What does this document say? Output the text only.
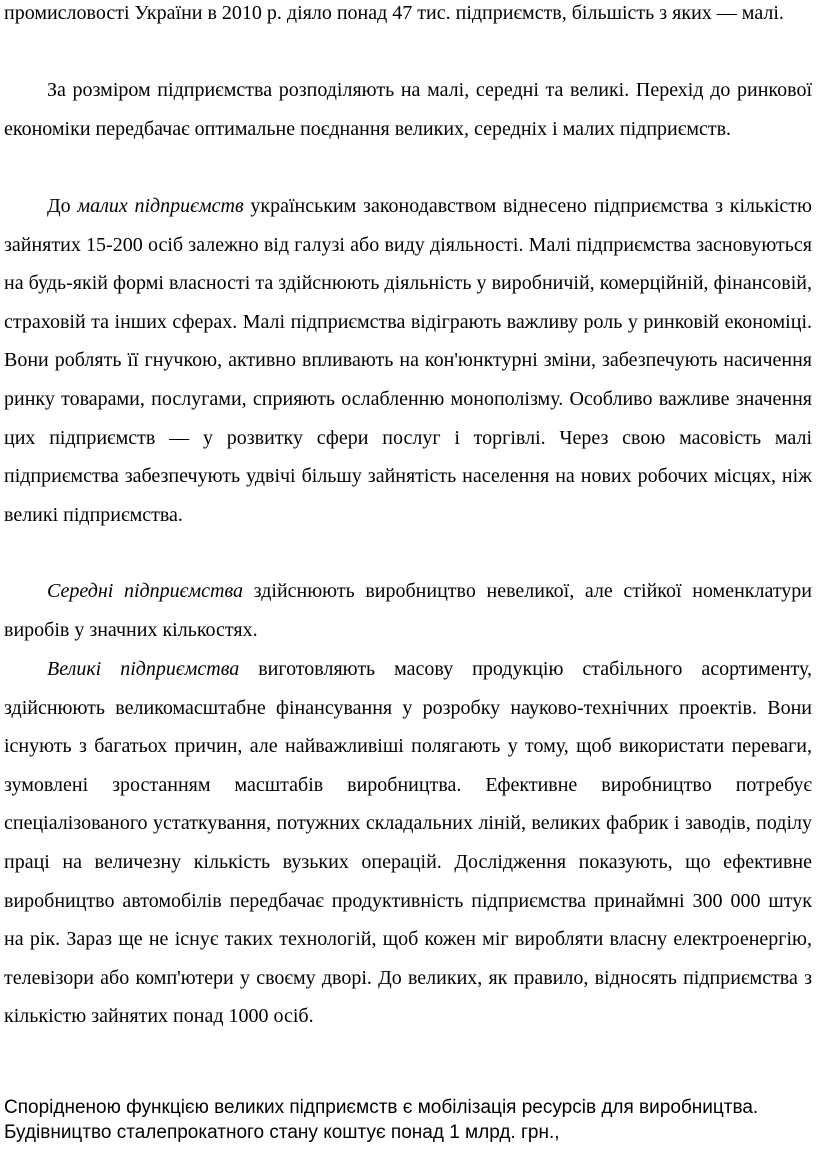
промисловості України в 2010 р. діяло понад 47 тис. підприємств, більшість з яких — малі.

За розміром підприємства розподіляють на малі, середні та великі. Перехід до ринкової економіки передбачає оптимальне поєднання великих, середніх і малих підприємств.

До малих підприємств українським законодавством віднесено підприємства з кількістю зайнятих 15-200 осіб залежно від галузі або виду діяльності. Малі підприємства засновуються на будь-якій формі власності та здійснюють діяльність у виробничій, комерційній, фінансовій, страховій та інших сферах. Малі підприємства відіграють важливу роль у ринковій економіці. Вони роблять її гнучкою, активно впливають на кон'юнктурні зміни, забезпечують насичення ринку товарами, послугами, сприяють ослабленню монополізму. Особливо важливе значення цих підприємств — у розвитку сфери послуг і торгівлі. Через свою масовість малі підприємства забезпечують удвічі більшу зайнятість населення на нових робочих місцях, ніж великі підприємства.

Середні підприємства здійснюють виробництво невеликої, але стійкої номенклатури виробів у значних кількостях.

Великі підприємства виготовляють масову продукцію стабільного асортименту, здійснюють великомасштабне фінансування у розробку науково-технічних проектів. Вони існують з багатьох причин, але найважливіші полягають у тому, щоб використати переваги, зумовлені зростанням масштабів виробництва. Ефективне виробництво потребує спеціалізованого устаткування, потужних складальних ліній, великих фабрик і заводів, поділу праці на величезну кількість вузьких операцій. Дослідження показують, що ефективне виробництво автомобілів передбачає продуктивність підприємства принаймні 300 000 штук на рік. Зараз ще не існує таких технологій, щоб кожен міг виробляти власну електроенергію, телевізори або комп'ютери у своєму дворі. До великих, як правило, відносять підприємства з кількістю зайнятих понад 1000 осіб.

Спорідненою функцією великих підприємств є мобілізація ресурсів для виробництва. Будівництво сталепрокатного стану коштує понад 1 млрд. грн.,
